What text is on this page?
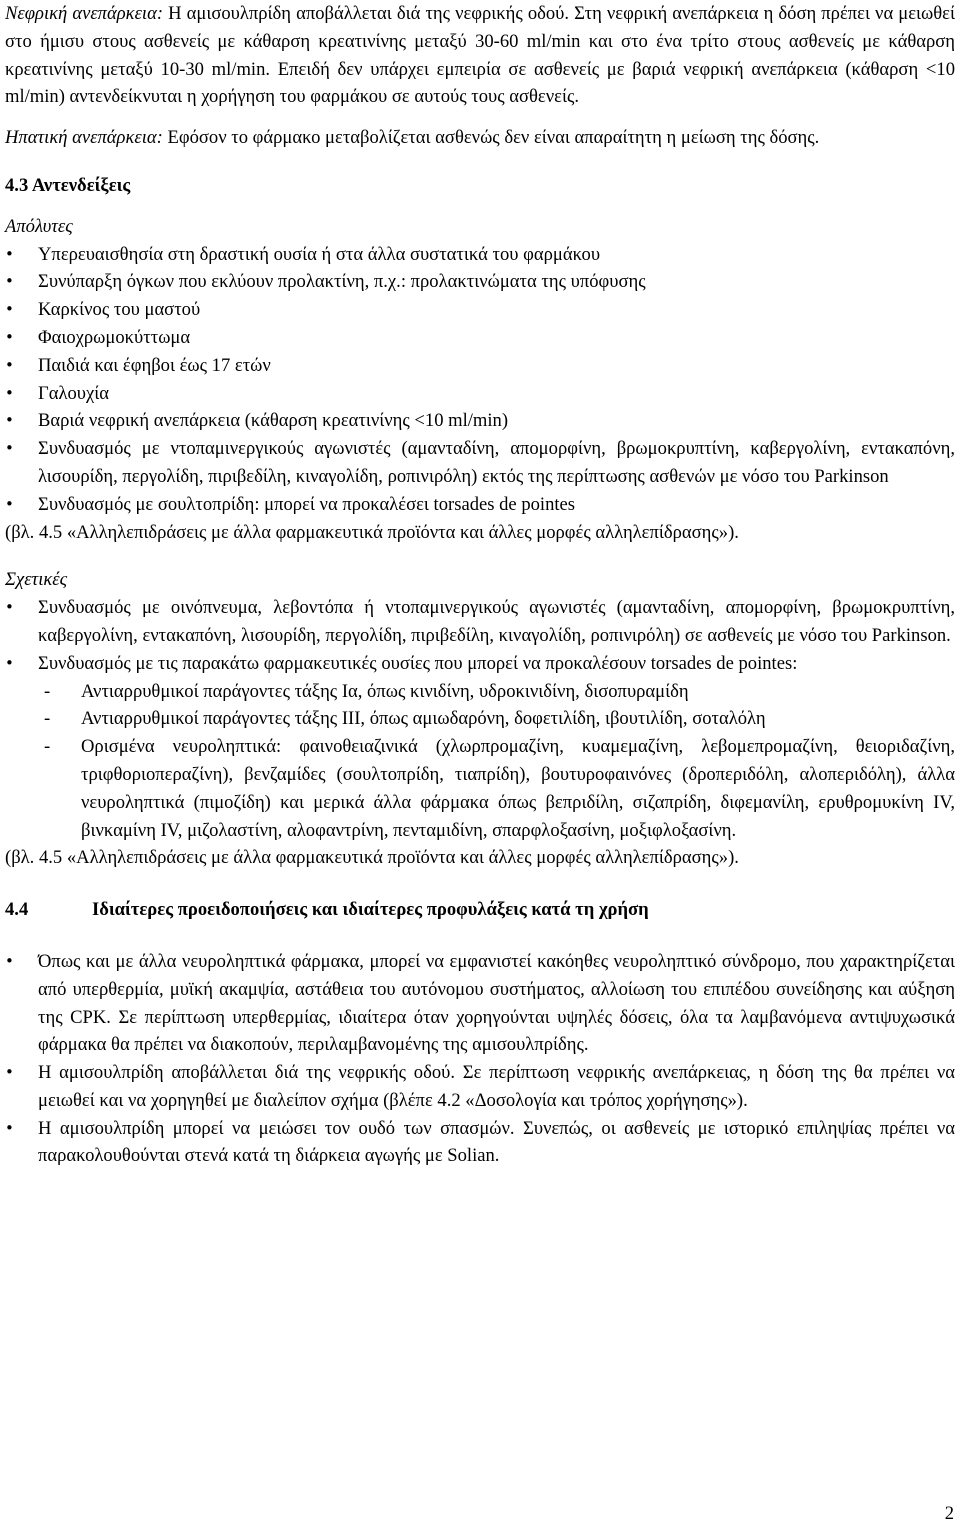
Νεφρική ανεπάρκεια: Η αμισουλπρίδη αποβάλλεται διά της νεφρικής οδού. Στη νεφρική ανεπάρκεια η δόση πρέπει να μειωθεί στο ήμισυ στους ασθενείς με κάθαρση κρεατινίνης μεταξύ 30-60 ml/min και στο ένα τρίτο στους ασθενείς με κάθαρση κρεατινίνης μεταξύ 10-30 ml/min. Επειδή δεν υπάρχει εμπειρία σε ασθενείς με βαριά νεφρική ανεπάρκεια (κάθαρση <10 ml/min) αντενδείκνυται η χορήγηση του φαρμάκου σε αυτούς τους ασθενείς.

Ηπατική ανεπάρκεια: Εφόσον το φάρμακο μεταβολίζεται ασθενώς δεν είναι απαραίτητη η μείωση της δόσης.

4.3 Αντενδείξεις

Απόλυτες

• Υπερευαισθησία στη δραστική ουσία ή στα άλλα συστατικά του φαρμάκου
• Συνύπαρξη όγκων που εκλύουν προλακτίνη, π.χ.: προλακτινώματα της υπόφυσης
• Καρκίνος του μαστού
• Φαιοχρωμοκύττωμα
• Παιδιά και έφηβοι έως 17 ετών
• Γαλουχία
• Βαριά νεφρική ανεπάρκεια (κάθαρση κρεατινίνης <10 ml/min)
• Συνδυασμός με ντοπαμινεργικούς αγωνιστές (αμανταδίνη, απομορφίνη, βρωμοκρυπτίνη, καβεργολίνη, εντακαπόνη, λισουρίδη, περγολίδη, πιριβεδίλη, κιναγολίδη, ροπινιρόλη) εκτός της περίπτωσης ασθενών με νόσο του Parkinson
• Συνδυασμός με σουλτοπρίδη: μπορεί να προκαλέσει torsades de pointes

(βλ. 4.5 «Αλληλεπιδράσεις με άλλα φαρμακευτικά προϊόντα και άλλες μορφές αλληλεπίδρασης»).

Σχετικές

• Συνδυασμός με οινόπνευμα, λεβοντόπα ή ντοπαμινεργικούς αγωνιστές (αμανταδίνη, απομορφίνη, βρωμοκρυπτίνη, καβεργολίνη, εντακαπόνη, λισουρίδη, περγολίδη, πιριβεδίλη, κιναγολίδη, ροπινιρόλη) σε ασθενείς με νόσο του Parkinson.
• Συνδυασμός με τις παρακάτω φαρμακευτικές ουσίες που μπορεί να προκαλέσουν torsades de pointes:
- Αντιαρρυθμικοί παράγοντες τάξης Ια, όπως κινιδίνη, υδροκινιδίνη, δισοπυραμίδη
- Αντιαρρυθμικοί παράγοντες τάξης ΙΙΙ, όπως αμιωδαρόνη, δοφετιλίδη, ιβουτιλίδη, σοταλόλη
- Ορισμένα νευροληπτικά: φαινοθειαζινικά (χλωρπρομαζίνη, κυαμεμαζίνη, λεβομεπρομαζίνη, θειοριδαζίνη, τριφθοριοπεραζίνη), βενζαμίδες (σουλτοπρίδη, τιαπρίδη), βουτυροφαινόνες (δροπεριδόλη, αλοπεριδόλη), άλλα νευροληπτικά (πιμοζίδη) και μερικά άλλα φάρμακα όπως βεπριδίλη, σιζαπρίδη, διφεμανίλη, ερυθρομυκίνη IV, βινκαμίνη IV, μιζολαστίνη, αλοφαντρίνη, πενταμιδίνη, σπαρφλοξασίνη, μοξιφλοξασίνη.

(βλ. 4.5 «Αλληλεπιδράσεις με άλλα φαρμακευτικά προϊόντα και άλλες μορφές αλληλεπίδρασης»).

4.4	Ιδιαίτερες προειδοποιήσεις και ιδιαίτερες προφυλάξεις κατά τη χρήση

• Όπως και με άλλα νευροληπτικά φάρμακα, μπορεί να εμφανιστεί κακόηθες νευροληπτικό σύνδρομο, που χαρακτηρίζεται από υπερθερμία, μυϊκή ακαμψία, αστάθεια του αυτόνομου συστήματος, αλλοίωση του επιπέδου συνείδησης και αύξηση της CPK. Σε περίπτωση υπερθερμίας, ιδιαίτερα όταν χορηγούνται υψηλές δόσεις, όλα τα λαμβανόμενα αντιψυχωσικά φάρμακα θα πρέπει να διακοπούν, περιλαμβανομένης της αμισουλπρίδης.
• Η αμισουλπρίδη αποβάλλεται διά της νεφρικής οδού. Σε περίπτωση νεφρικής ανεπάρκειας, η δόση της θα πρέπει να μειωθεί και να χορηγηθεί με διαλείπον σχήμα (βλέπε 4.2 «Δοσολογία και τρόπος χορήγησης»).
• Η αμισουλπρίδη μπορεί να μειώσει τον ουδό των σπασμών. Συνεπώς, οι ασθενείς με ιστορικό επιληψίας πρέπει να παρακολουθούνται στενά κατά τη διάρκεια αγωγής με Solian.
2
